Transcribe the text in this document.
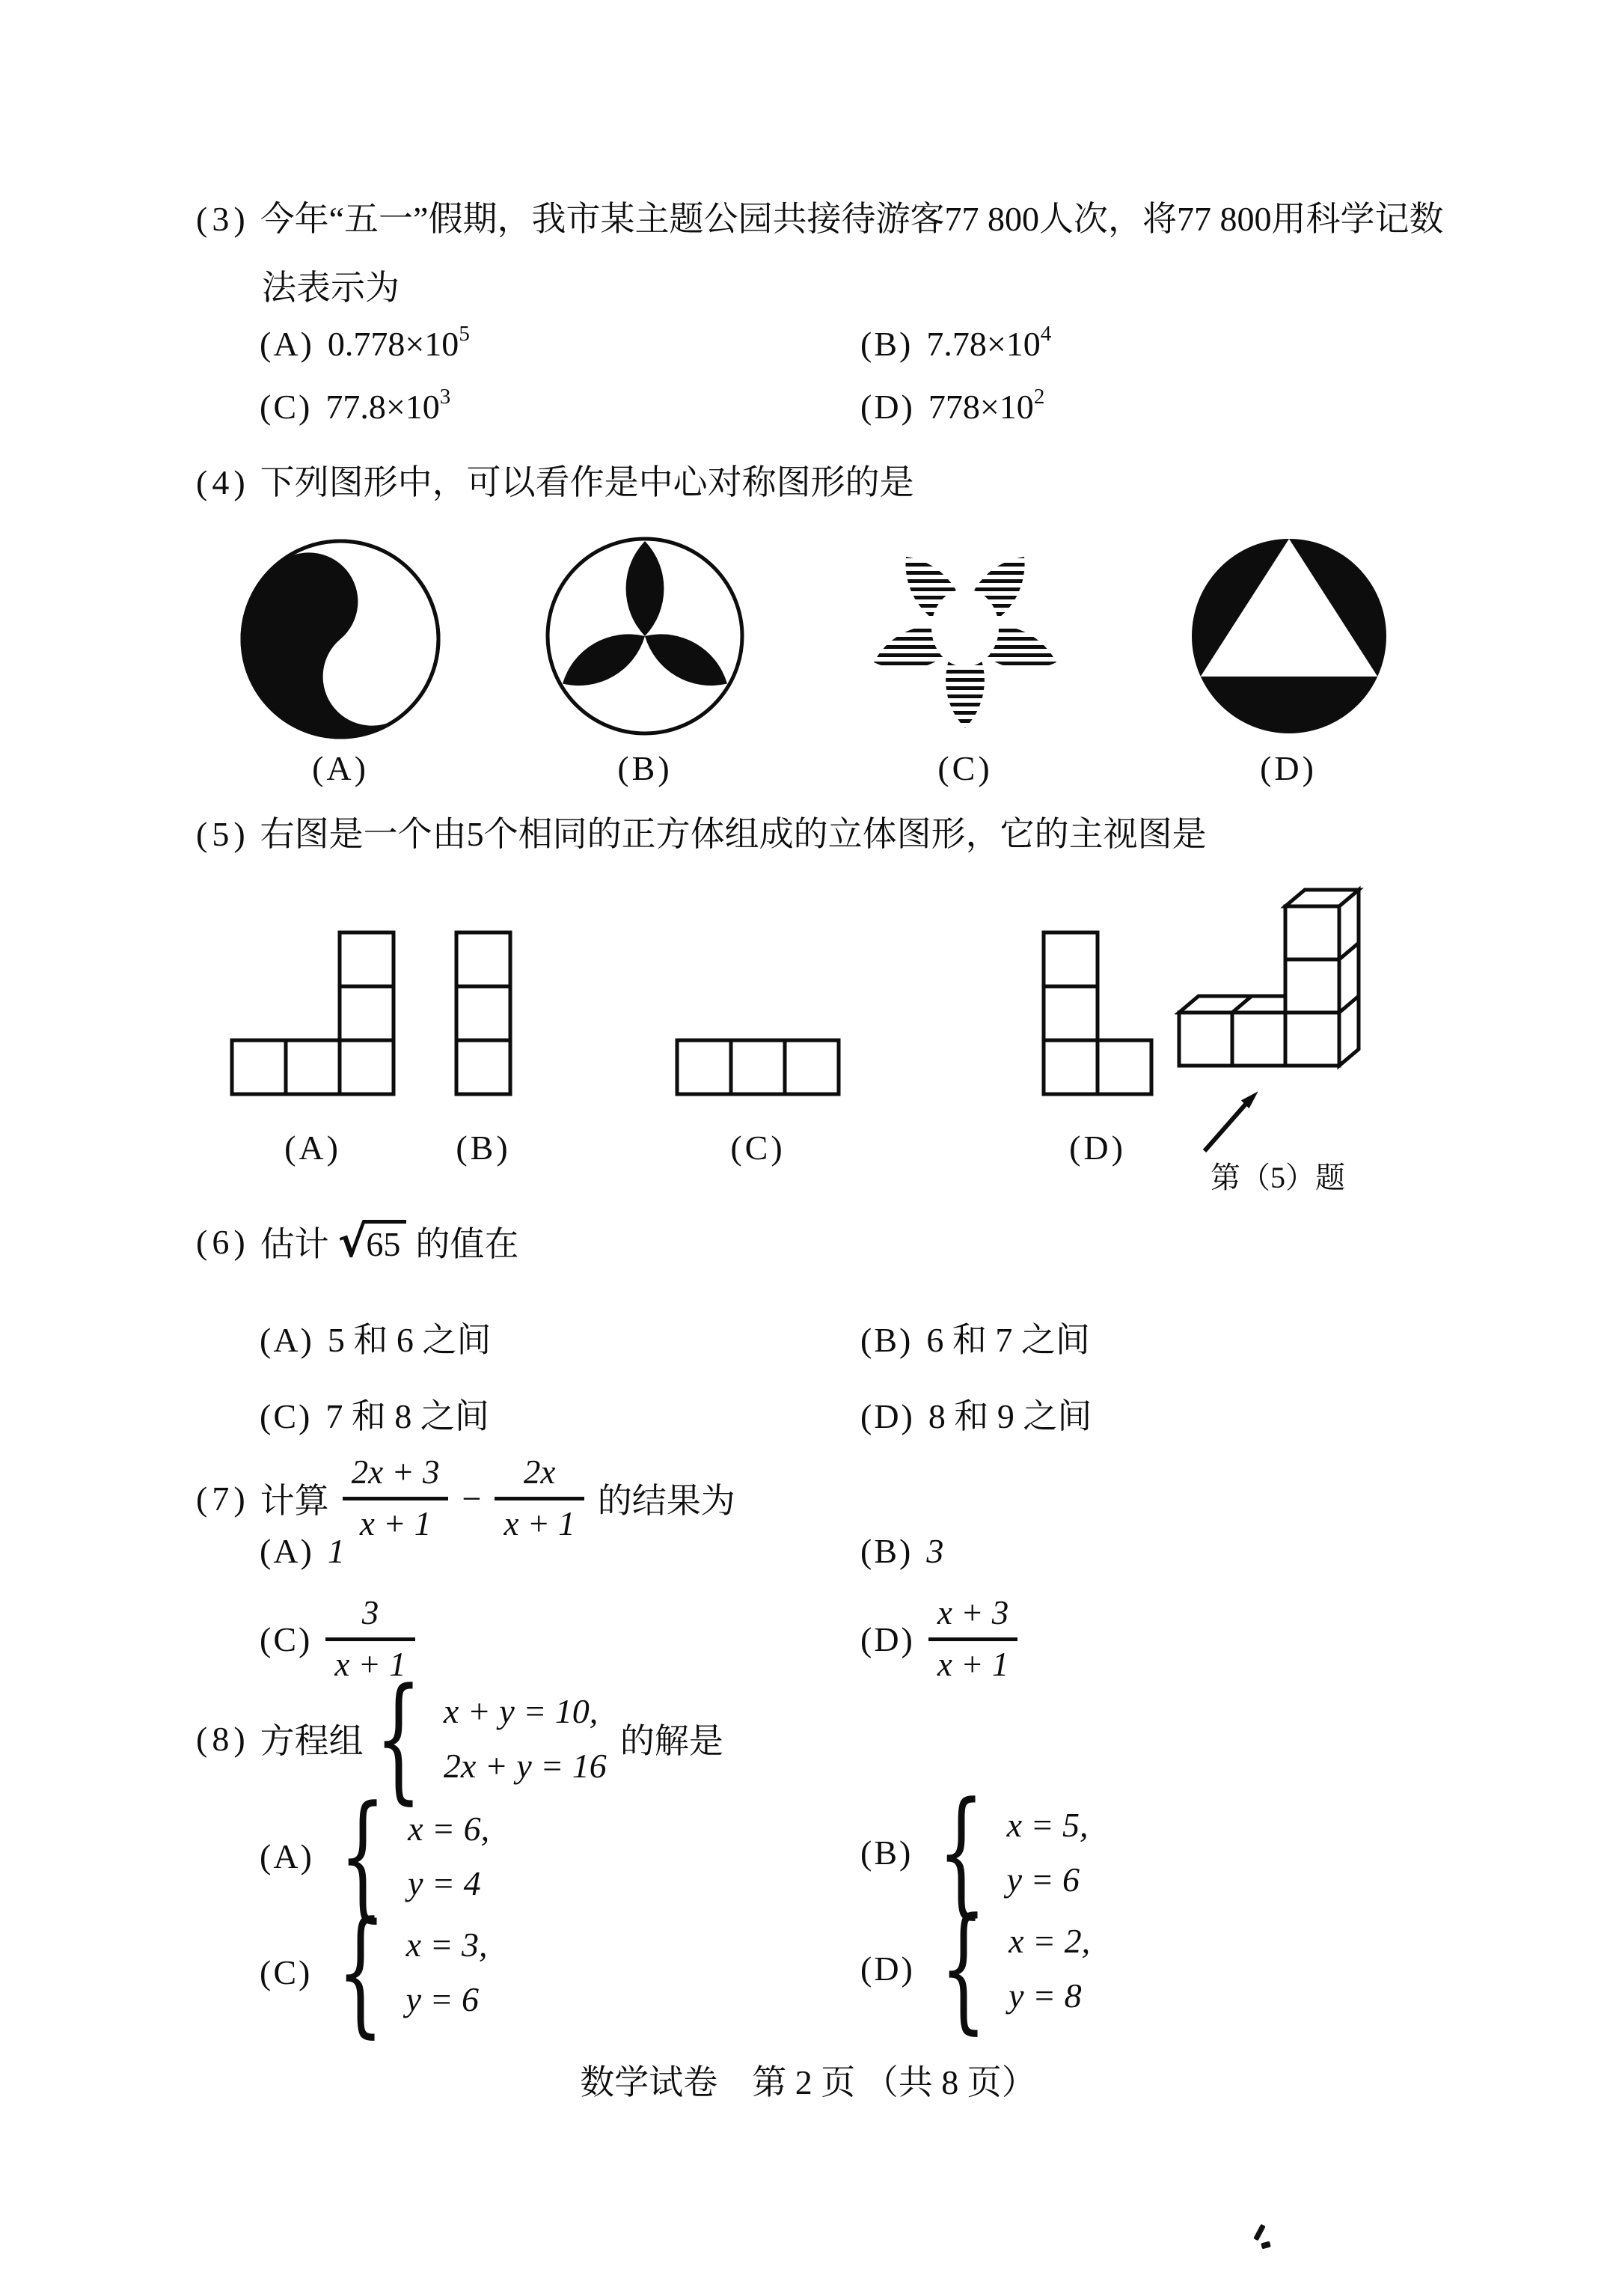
(3) 今年“五一”假期，我市某主题公园共接待游客77 800人次，将77 800用科学记数
法表示为
(A) $0.778\times 10^5$	(B) $7.78\times 10^4$
(C) $77.8\times 10^3$	(D) $778\times 10^2$
(4) 下列图形中，可以看作是中心对称图形的是
(A)	(B)	(C)	(D)
(5) 右图是一个由5个相同的正方体组成的立体图形，它的主视图是
(A)	(B)	(C)	(D)
第（5）题
(6) 估计 √ 65 的值在
(A) 5 和 6 之间	(B) 6 和 7 之间
(C) 7 和 8 之间	(D) 8 和 9 之间
(7) 计算 $\frac{2x + 3}{x + 1} - \frac{2x}{x + 1}$ 的结果为
(A) 1	(B) 3
$(C) \frac{3}{x + 1}$	$(D) \frac{x + 3}{x + 1}$
(8) 方程组 { x + y = 10,
2x + y = 16
的解是
(A) { x = 6,
y = 4
(B) { x = 5,
y = 6
(C) { x = 3,
y = 6
(D) { x = 2,
y = 8
数学试卷　第 2 页 （共 8 页）
